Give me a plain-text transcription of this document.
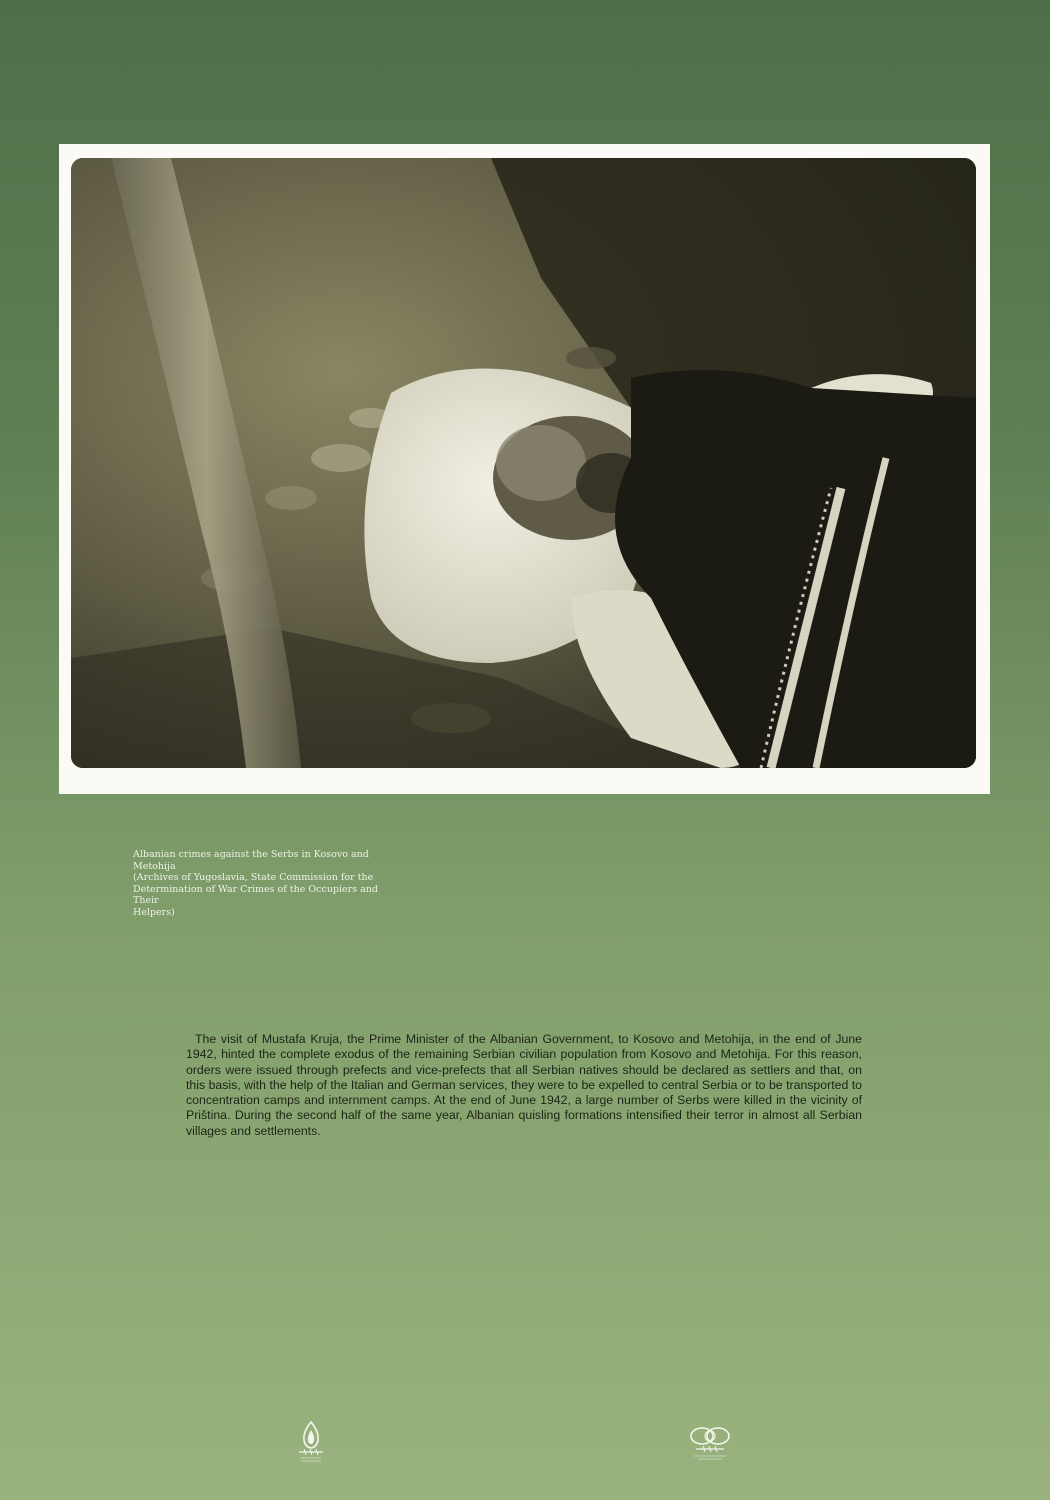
Albanian crimes against the Serbs in Kosovo and Metohija
(Archives of Yugoslavia, State Commission for the
Determination of War Crimes of the Occupiers and Their
Helpers)
The visit of Mustafa Kruja, the Prime Minister of the Albanian Government, to Kosovo and Metohija, in the end of June 1942, hinted the complete exodus of the remaining Serbian civilian population from Kosovo and Metohija. For this reason, orders were issued through prefects and vice-prefects that all Serbian natives should be declared as settlers and that, on this basis, with the help of the Italian and German services, they were to be expelled to central Serbia or to be transported to concentration camps and internment camps. At the end of June 1942, a large number of Serbs were killed in the vicinity of Priština. During the second half of the same year, Albanian quisling formations intensified their terror in almost all Serbian villages and settlements.
